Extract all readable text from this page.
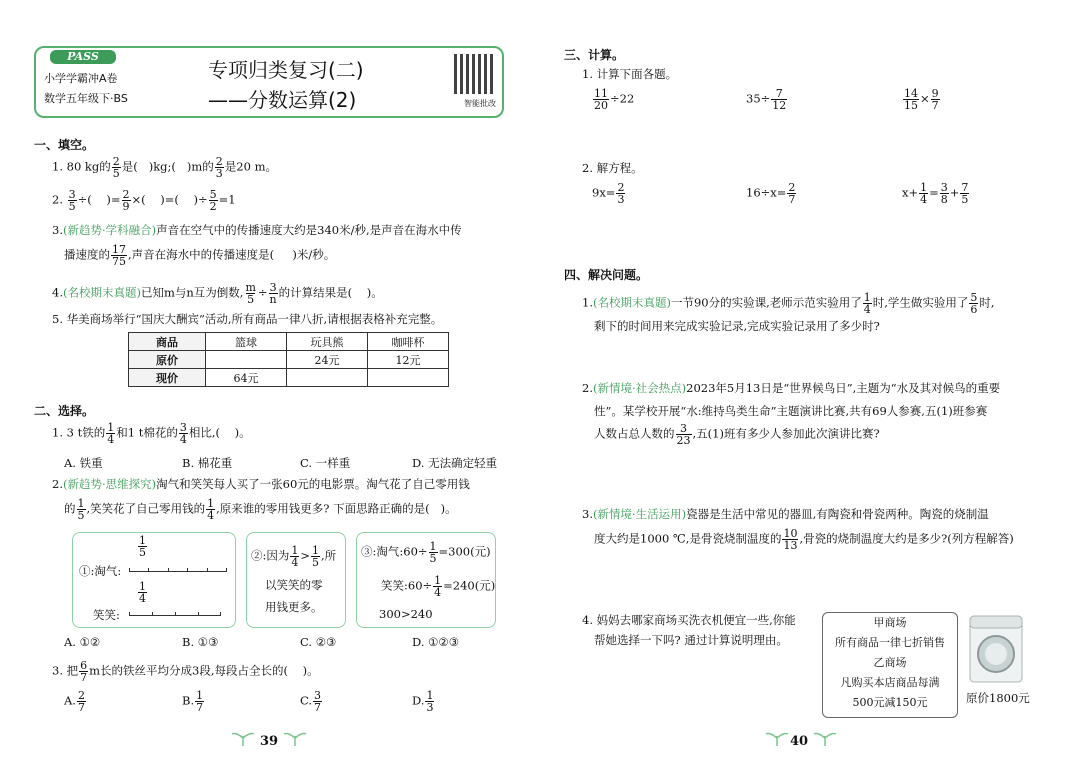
PASS
小学学霸冲A卷
数学五年级下·BS
专项归类复习(二)
——分数运算(2)	智能批改
一、填空。
1. 80 kg的 $\frac{2}{5}$ 是( )kg;( )m的 $\frac{2}{3}$ 是20 m。
2. $\frac{3}{5}$ ÷( )= $\frac{2}{9}$ ×( )=( )÷ $\frac{5}{2} =1$
3.(新趋势·学科融合)声音在空气中的传播速度大约是340米/秒,是声音在海水中传
播速度的 $\frac{17}{75}$ ,声音在海水中的传播速度是( )米/秒。
4.(名校期末真题)已知m与n互为倒数, $\frac{m}{5} \div \frac{3}{n}$ 的计算结果是( )。
5. 华美商场举行“国庆大酬宾”活动,所有商品一律八折,请根据表格补充完整。
商品	篮球	玩具熊	咖啡杯
原价		24元	12元
现价	64元		
二、选择。
1. 3 t铁的 $\frac{1}{4}$ 和1 t棉花的 $\frac{3}{4}$ 相比,( )。
A. 铁重	B. 棉花重	C. 一样重	D. 无法确定轻重
2.(新趋势·思维探究)淘气和笑笑每人买了一张60元的电影票。淘气花了自己零用钱
的 $\frac{1}{5}$ ,笑笑花了自己零用钱的 $\frac{1}{4}$ ,原来谁的零用钱更多? 下面思路正确的是( )。
$\frac{1}{5}$
①:淘气:
$\frac{1}{4}$
笑笑:
②:因为 $\frac{1}{4} > \frac{1}{5}$ ,所
以笑笑的零
用钱更多。
③:淘气:60÷ $\frac{1}{5} =300$(元)
笑笑:60÷ $\frac{1}{4} =240$(元)
300>240
A. ①②	B. ①③	C. ②③	D. ①②③
3. 把 $\frac{6}{7}$ m长的铁丝平均分成3段,每段占全长的( )。
A. $\frac{2}{7}$	B. $\frac{1}{7}$	C. $\frac{3}{7}$	D. $\frac{1}{3}$
39
三、计算。
1. 计算下面各题。
$\frac{11}{20} \div 22$	$35\div \frac{7}{12}$	$\frac{14}{15} \times \frac{9}{7}$
2. 解方程。
$9x= \frac{2}{3}$	$16\div x= \frac{2}{7}$	$x+ \frac{1}{4} = \frac{3}{8} + \frac{7}{5}$
四、解决问题。
1.(名校期末真题)一节90分的实验课,老师示范实验用了 $\frac{1}{4}$ 时,学生做实验用了 $\frac{5}{6}$ 时,
剩下的时间用来完成实验记录,完成实验记录用了多少时?
2.(新情境·社会热点)2023年5月13日是“世界候鸟日”,主题为“水及其对候鸟的重要
性”。某学校开展“水:维持鸟类生命”主题演讲比赛,共有69人参赛,五(1)班参赛
人数占总人数的 $\frac{3}{23}$ ,五(1)班有多少人参加此次演讲比赛?
3.(新情境·生活运用)瓷器是生活中常见的器皿,有陶瓷和骨瓷两种。陶瓷的烧制温
度大约是1000 ℃,是骨瓷烧制温度的 $\frac{10}{13}$ ,骨瓷的烧制温度大约是多少?(列方程解答)
4. 妈妈去哪家商场买洗衣机便宜一些,你能
帮她选择一下吗? 通过计算说明理由。
甲商场
所有商品一律七折销售
乙商场
凡购买本店商品每满
500元减150元	原价1800元
40
